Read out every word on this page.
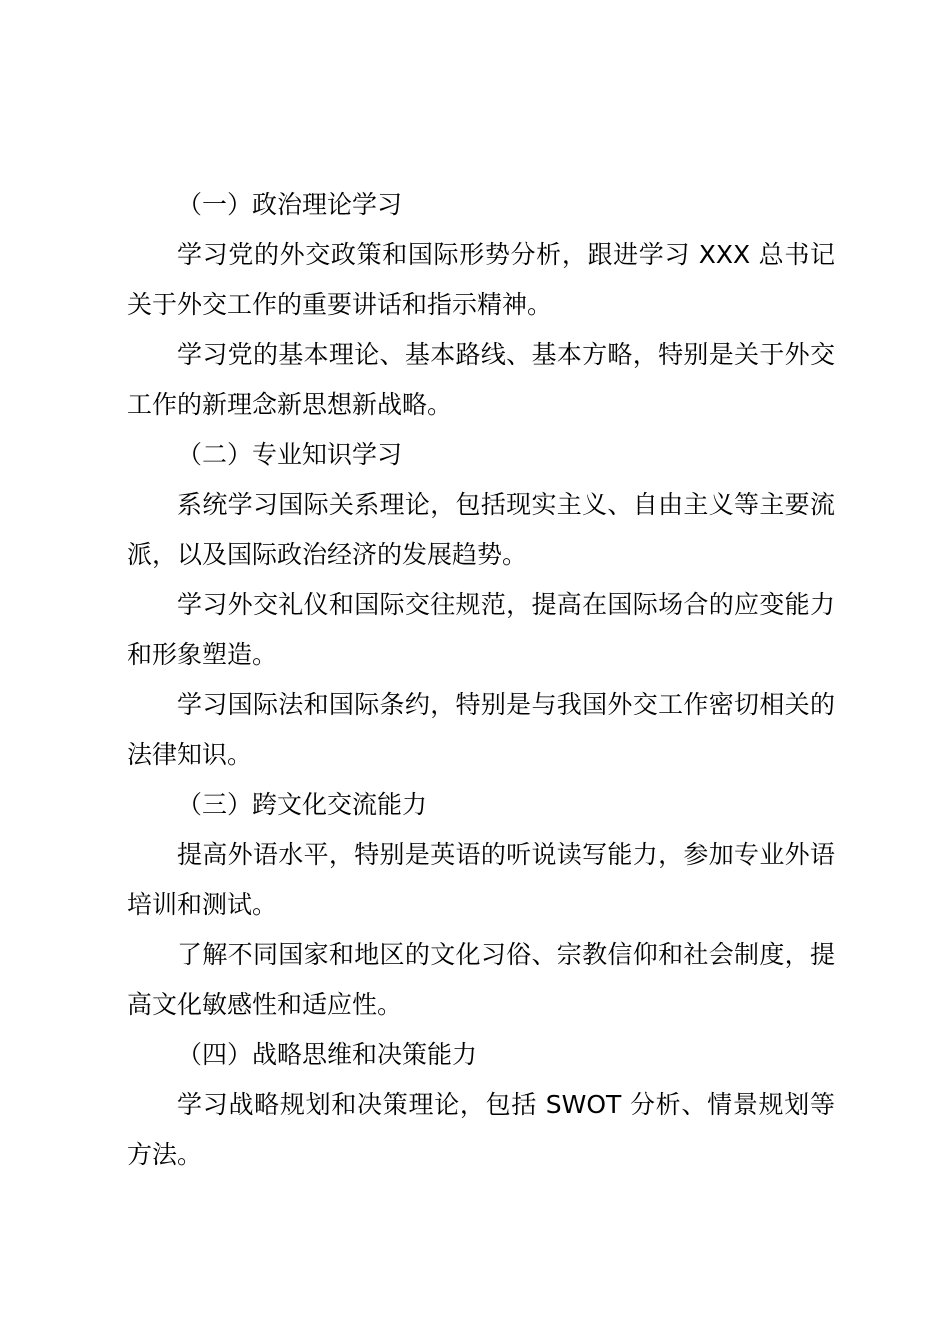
（一）政治理论学习

学习党的外交政策和国际形势分析，跟进学习 XXX 总书记关于外交工作的重要讲话和指示精神。

学习党的基本理论、基本路线、基本方略，特别是关于外交工作的新理念新思想新战略。

（二）专业知识学习

系统学习国际关系理论，包括现实主义、自由主义等主要流派，以及国际政治经济的发展趋势。

学习外交礼仪和国际交往规范，提高在国际场合的应变能力和形象塑造。

学习国际法和国际条约，特别是与我国外交工作密切相关的法律知识。

（三）跨文化交流能力

提高外语水平，特别是英语的听说读写能力，参加专业外语培训和测试。

了解不同国家和地区的文化习俗、宗教信仰和社会制度，提高文化敏感性和适应性。

（四）战略思维和决策能力

学习战略规划和决策理论，包括 SWOT 分析、情景规划等方法。
